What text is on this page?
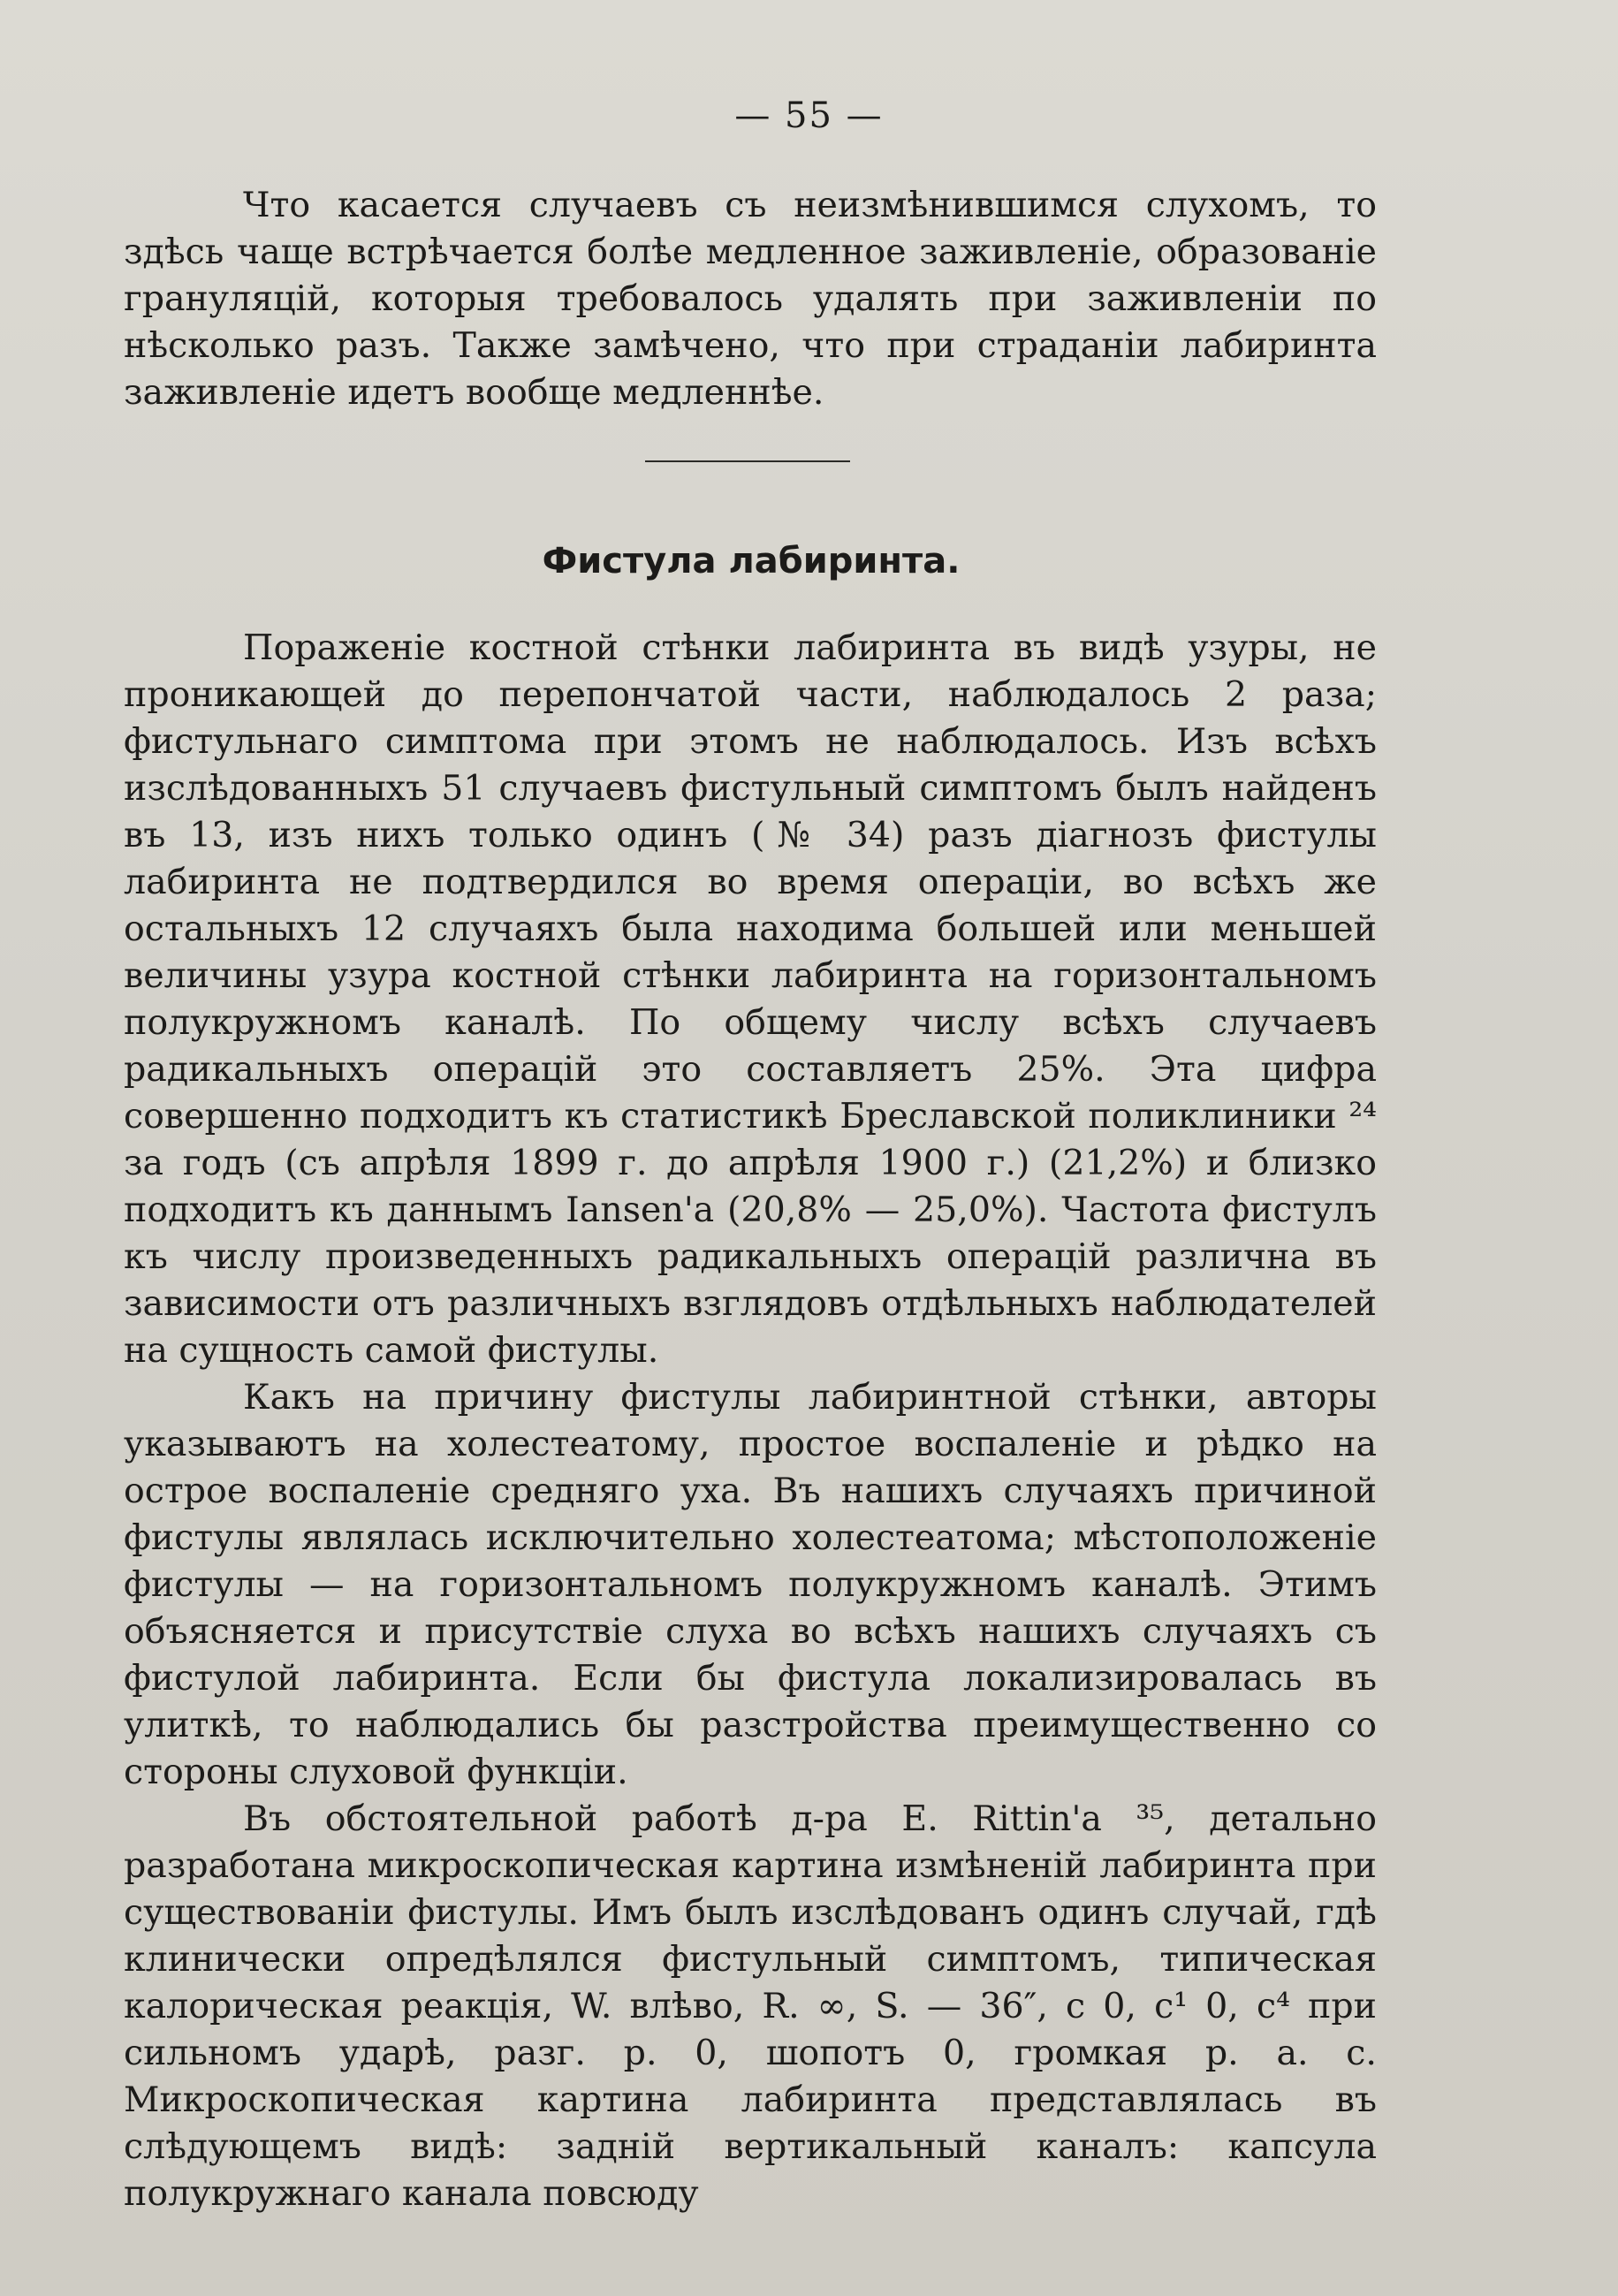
— 55 —

Что касается случаевъ съ неизмѣнившимся слухомъ, то здѣсь чаще встрѣчается болѣе медленное заживленіе, образованіе грануляцій, которыя требовалось удалять при заживленіи по нѣсколько разъ. Также замѣчено, что при страданіи лабиринта заживленіе идетъ вообще медленнѣе.

Фистула лабиринта.

Пораженіе костной стѣнки лабиринта въ видѣ узуры, не проникающей до перепончатой части, наблюдалось 2 раза; фистульнаго симптома при этомъ не наблюдалось. Изъ всѣхъ изслѣдованныхъ 51 случаевъ фистульный симптомъ былъ найденъ въ 13, изъ нихъ только одинъ (№ 34) разъ діагнозъ фистулы лабиринта не подтвердился во время операціи, во всѣхъ же остальныхъ 12 случаяхъ была находима большей или меньшей величины узура костной стѣнки лабиринта на горизонтальномъ полукружномъ каналѣ. По общему числу всѣхъ случаевъ радикальныхъ операцій это составляетъ 25%. Эта цифра совершенно подходитъ къ статистикѣ Бреславской поликлиники ²⁴ за годъ (съ апрѣля 1899 г. до апрѣля 1900 г.) (21,2%) и близко подходитъ къ даннымъ Iansen'a (20,8% — 25,0%). Частота фистулъ къ числу произведенныхъ радикальныхъ операцій различна въ зависимости отъ различныхъ взглядовъ отдѣльныхъ наблюдателей на сущность самой фистулы.

Какъ на причину фистулы лабиринтной стѣнки, авторы указываютъ на холестеатому, простое воспаленіе и рѣдко на острое воспаленіе средняго уха. Въ нашихъ случаяхъ причиной фистулы являлась исключительно холестеатома; мѣстоположеніе фистулы — на горизонтальномъ полукружномъ каналѣ. Этимъ объясняется и присутствіе слуха во всѣхъ нашихъ случаяхъ съ фистулой лабиринта. Если бы фистула локализировалась въ улиткѣ, то наблюдались бы разстройства преимущественно со стороны слуховой функціи.

Въ обстоятельной работѣ д-ра E. Rittin'a ³⁵, детально разработана микроскопическая картина измѣненій лабиринта при существованіи фистулы. Имъ былъ изслѣдованъ одинъ случай, гдѣ клинически опредѣлялся фистульный симптомъ, типическая калорическая реакція, W. влѣво, R. ∞, S. — 36″, с 0, с¹ 0, с⁴ при сильномъ ударѣ, разг. р. 0, шопотъ 0, громкая р. а. с. Микроскопическая картина лабиринта представлялась въ слѣдующемъ видѣ: задній вертикальный каналъ: капсула полукружнаго канала повсюду
